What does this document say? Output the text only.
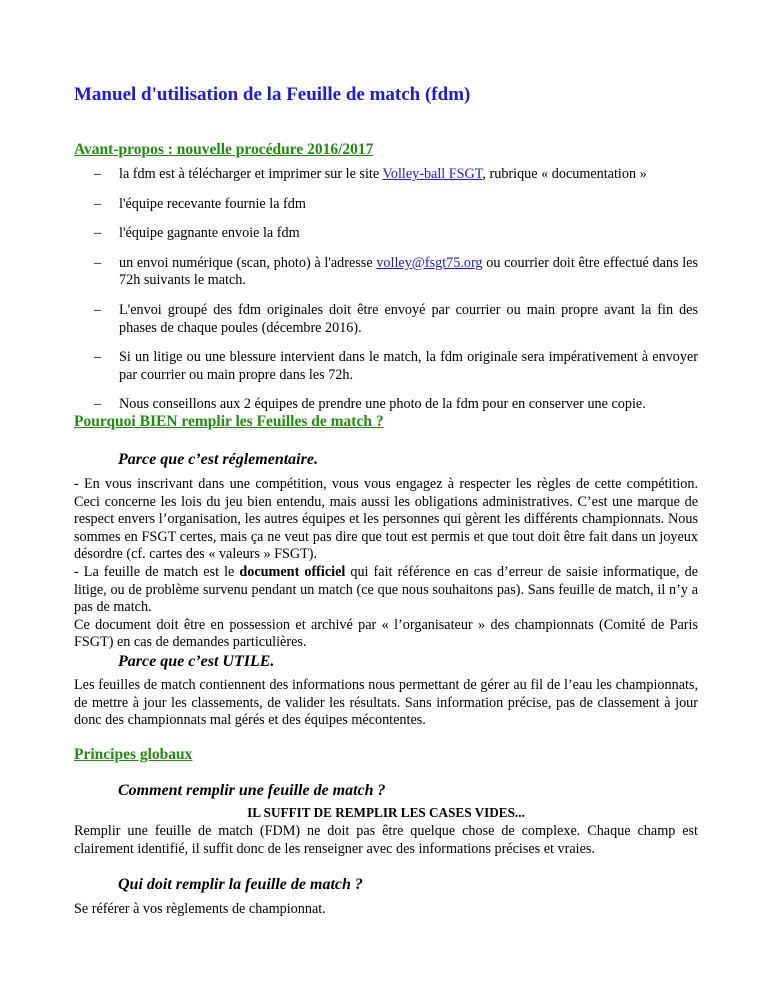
Manuel d'utilisation de la Feuille de match (fdm)
Avant-propos : nouvelle procédure 2016/2017
– la fdm est à télécharger et imprimer sur le site Volley-ball FSGT, rubrique « documentation »
– l'équipe recevante fournie la fdm
– l'équipe gagnante envoie la fdm
– un envoi numérique (scan, photo) à l'adresse volley@fsgt75.org ou courrier doit être effectué dans les 72h suivants le match.
– L'envoi groupé des fdm originales doit être envoyé par courrier ou main propre avant la fin des phases de chaque poules (décembre 2016).
– Si un litige ou une blessure intervient dans le match, la fdm originale sera impérativement à envoyer par courrier ou main propre dans les 72h.
– Nous conseillons aux 2 équipes de prendre une photo de la fdm pour en conserver une copie.
Pourquoi BIEN remplir les Feuilles de match ?
Parce que c’est réglementaire.
- En vous inscrivant dans une compétition, vous vous engagez à respecter les règles de cette compétition. Ceci concerne les lois du jeu bien entendu, mais aussi les obligations administratives. C’est une marque de respect envers l’organisation, les autres équipes et les personnes qui gèrent les différents championnats. Nous sommes en FSGT certes, mais ça ne veut pas dire que tout est permis et que tout doit être fait dans un joyeux désordre (cf. cartes des « valeurs » FSGT).
- La feuille de match est le document officiel qui fait référence en cas d’erreur de saisie informatique, de litige, ou de problème survenu pendant un match (ce que nous souhaitons pas). Sans feuille de match, il n’y a pas de match.
Ce document doit être en possession et archivé par « l’organisateur » des championnats (Comité de Paris FSGT) en cas de demandes particulières.
Parce que c’est UTILE.
Les feuilles de match contiennent des informations nous permettant de gérer au fil de l’eau les championnats, de mettre à jour les classements, de valider les résultats. Sans information précise, pas de classement à jour donc des championnats mal gérés et des équipes mécontentes.
Principes globaux
Comment remplir une feuille de match ?
IL SUFFIT DE REMPLIR LES CASES VIDES...
Remplir une feuille de match (FDM) ne doit pas être quelque chose de complexe. Chaque champ est clairement identifié, il suffit donc de les renseigner avec des informations précises et vraies.
Qui doit remplir la feuille de match ?
Se référer à vos règlements de championnat.
